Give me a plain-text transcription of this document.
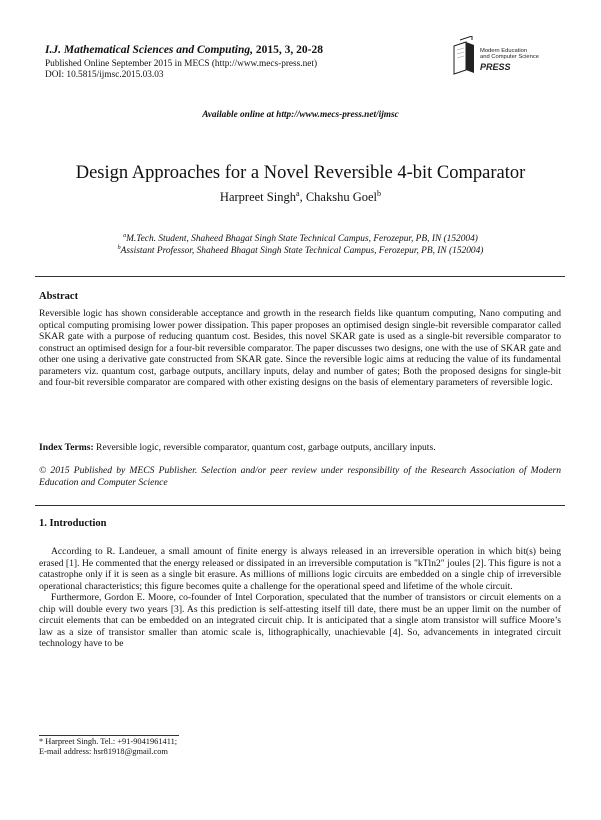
I.J. Mathematical Sciences and Computing, 2015, 3, 20-28
Published Online September 2015 in MECS (http://www.mecs-press.net)
DOI: 10.5815/ijmsc.2015.03.03
Modern Education
and Computer Science
PRESS
Available online at http://www.mecs-press.net/ijmsc
Design Approaches for a Novel Reversible 4-bit Comparator
Harpreet Singh$^a$, Chakshu Goel$^b$
$^a$M.Tech. Student, Shaheed Bhagat Singh State Technical Campus, Ferozepur, PB, IN (152004)
$^b$Assistant Professor, Shaheed Bhagat Singh State Technical Campus, Ferozepur, PB, IN (152004)
Abstract
Reversible logic has shown considerable acceptance and growth in the research fields like quantum computing, Nano computing and optical computing promising lower power dissipation. This paper proposes an optimised design single-bit reversible comparator called SKAR gate with a purpose of reducing quantum cost. Besides, this novel SKAR gate is used as a single-bit reversible comparator to construct an optimised design for a four-bit reversible comparator. The paper discusses two designs, one with the use of SKAR gate and other one using a derivative gate constructed from SKAR gate. Since the reversible logic aims at reducing the value of its fundamental parameters viz. quantum cost, garbage outputs, ancillary inputs, delay and number of gates; Both the proposed designs for single-bit and four-bit reversible comparator are compared with other existing designs on the basis of elementary parameters of reversible logic.
Index Terms: Reversible logic, reversible comparator, quantum cost, garbage outputs, ancillary inputs.
© 2015 Published by MECS Publisher. Selection and/or peer review under responsibility of the Research Association of Modern Education and Computer Science
1. Introduction

According to R. Landeuer, a small amount of finite energy is always released in an irreversible operation in which bit(s) being erased [1]. He commented that the energy released or dissipated in an irreversible computation is "kTln2" joules [2]. This figure is not a catastrophe only if it is seen as a single bit erasure. As millions of millions logic circuits are embedded on a single chip of irreversible operational characteristics; this figure becomes quite a challenge for the operational speed and lifetime of the whole circuit.

Furthermore, Gordon E. Moore, co-founder of Intel Corporation, speculated that the number of transistors or circuit elements on a chip will double every two years [3]. As this prediction is self-attesting itself till date, there must be an upper limit on the number of circuit elements that can be embedded on an integrated circuit chip. It is anticipated that a single atom transistor will suffice Moore’s law as a size of transistor smaller than atomic scale is, lithographically, unachievable [4]. So, advancements in integrated circuit technology have to be

* Harpreet Singh. Tel.: +91-9041961411;
E-mail address: hsr81918@gmail.com
